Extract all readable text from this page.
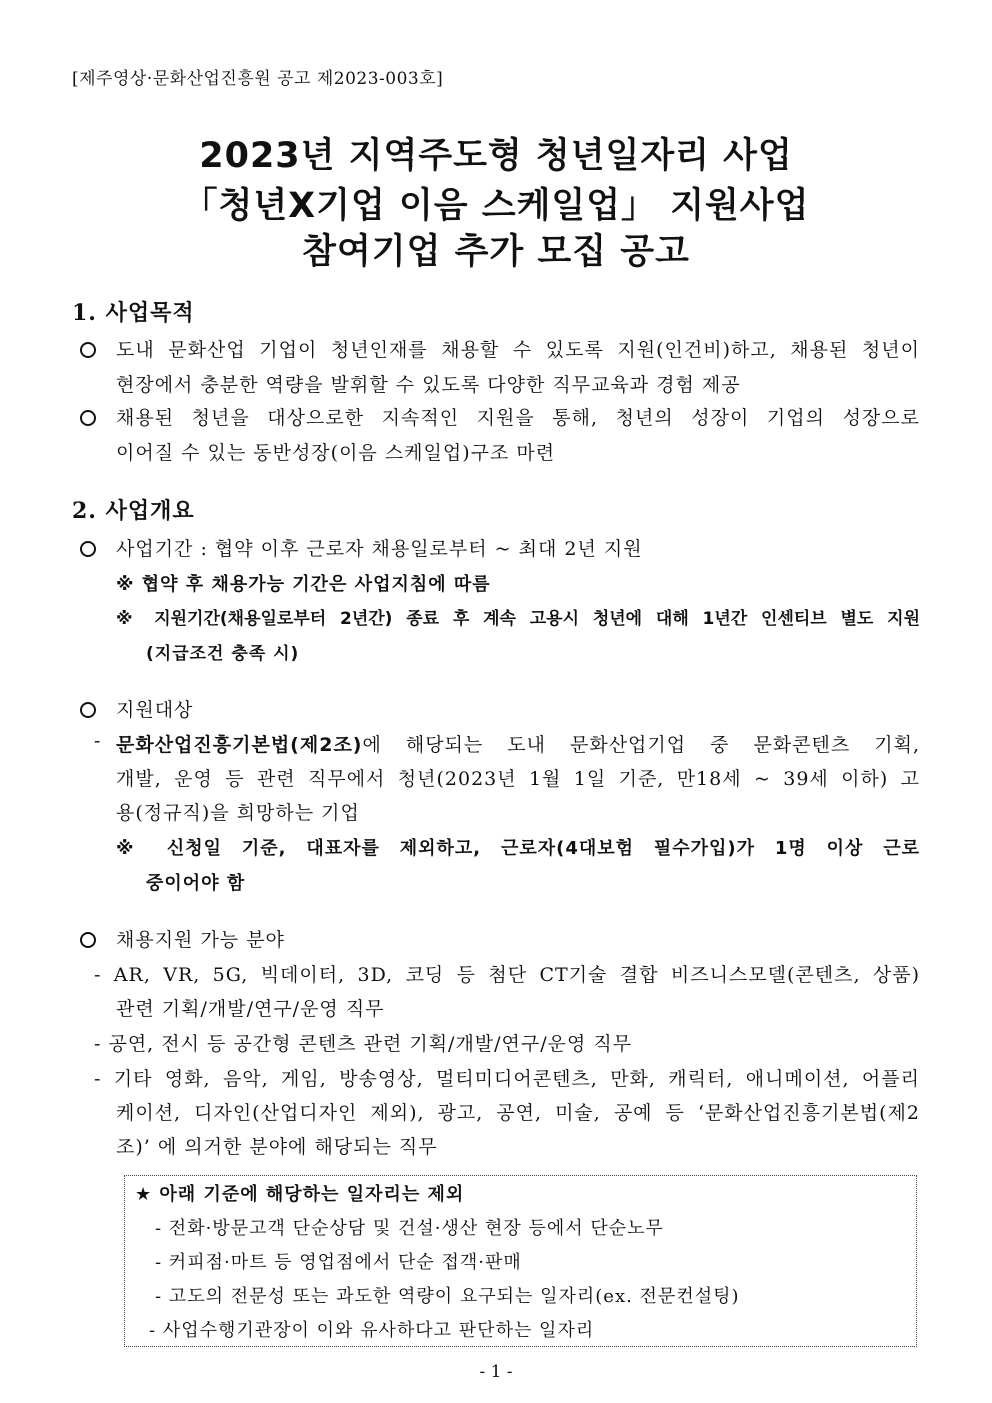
[제주영상·문화산업진흥원 공고 제2023-003호]
2023년 지역주도형 청년일자리 사업
「청년X기업 이음 스케일업」 지원사업
참여기업 추가 모집 공고
1. 사업목적
도내 문화산업 기업이 청년인재를 채용할 수 있도록 지원(인건비)하고, 채용된 청년이
현장에서 충분한 역량을 발휘할 수 있도록 다양한 직무교육과 경험 제공
채용된 청년을 대상으로한 지속적인 지원을 통해, 청년의 성장이 기업의 성장으로
이어질 수 있는 동반성장(이음 스케일업)구조 마련
2. 사업개요
사업기간 : 협약 이후 근로자 채용일로부터 ~ 최대 2년 지원
※ 협약 후 채용가능 기간은 사업지침에 따름
※ 지원기간(채용일로부터 2년간) 종료 후 계속 고용시 청년에 대해 1년간 인센티브 별도 지원
(지급조건 충족 시)
지원대상
- 문화산업진흥기본법(제2조) 에 해당되는 도내 문화산업기업 중 문화콘텐츠 기획,
개발, 운영 등 관련 직무에서 청년(2023년 1월 1일 기준, 만18세 ~ 39세 이하) 고
용(정규직)을 희망하는 기업
※ 신청일 기준, 대표자를 제외하고, 근로자(4대보험 필수가입)가 1명 이상 근로
중이어야 함
채용지원 가능 분야
- AR, VR, 5G, 빅데이터, 3D, 코딩 등 첨단 CT기술 결합 비즈니스모델(콘텐츠, 상품)
관련 기획/개발/연구/운영 직무
- 공연, 전시 등 공간형 콘텐츠 관련 기획/개발/연구/운영 직무
- 기타 영화, 음악, 게임, 방송영상, 멀티미디어콘텐츠, 만화, 캐릭터, 애니메이션, 어플리
케이션, 디자인(산업디자인 제외), 광고, 공연, 미술, 공예 등 ‘문화산업진흥기본법(제2
조)’ 에 의거한 분야에 해당되는 직무
★ 아래 기준에 해당하는 일자리는 제외
- 전화·방문고객 단순상담 및 건설·생산 현장 등에서 단순노무
- 커피점·마트 등 영업점에서 단순 접객·판매
- 고도의 전문성 또는 과도한 역량이 요구되는 일자리(ex. 전문컨설팅)
- 사업수행기관장이 이와 유사하다고 판단하는 일자리
- 1 -
